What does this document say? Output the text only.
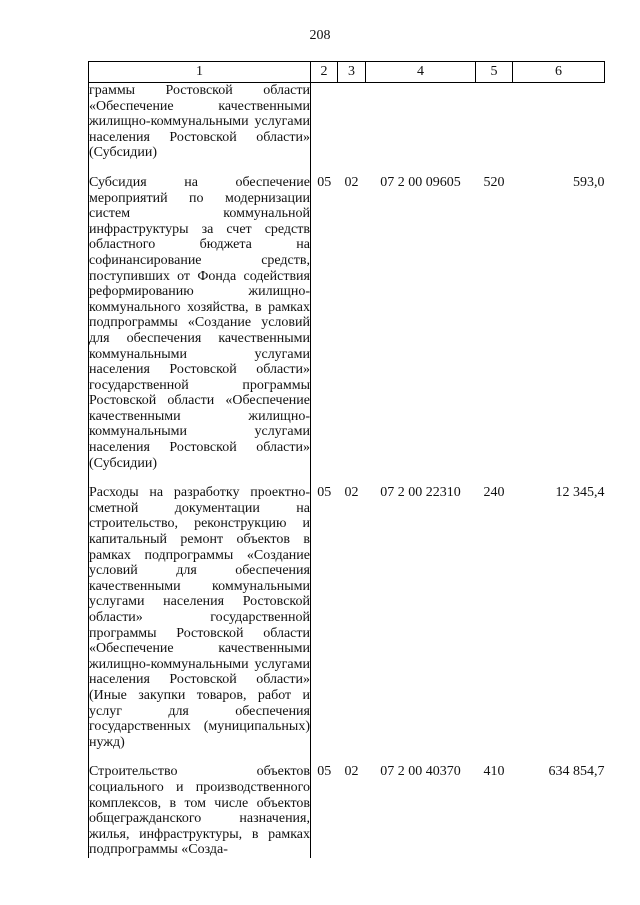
208
1	2	3	4	5	6
граммы Ростовской области «Обеспечение качественными жилищно-коммунальными услугами населения Ростовской области» (Субсидии)					

Субсидия на обеспечение мероприятий по модернизации систем коммунальной инфраструктуры за счет средств областного бюджета на софинансирование средств, поступивших от Фонда содействия реформированию жилищно-коммунального хозяйства, в рамках подпрограммы «Создание условий для обеспечения качественными коммунальными услугами населения Ростовской области» государственной программы Ростовской области «Обеспечение качественными жилищно-коммунальными услугами населения Ростовской области» (Субсидии)	05	02	07 2 00 09605	520	593,0

Расходы на разработку проектно-сметной документации на строительство, реконструкцию и капитальный ремонт объектов в рамках подпрограммы «Создание условий для обеспечения качественными коммунальными услугами населения Ростовской области» государственной программы Ростовской области «Обеспечение качественными жилищно-коммунальными услугами населения Ростовской области» (Иные закупки товаров, работ и услуг для обеспечения государственных (муниципальных) нужд)	05	02	07 2 00 22310	240	12 345,4

Строительство объектов социального и производственного комплексов, в том числе объектов общегражданского назначения, жилья, инфраструктуры, в рамках подпрограммы «Созда-	05	02	07 2 00 40370	410	634 854,7
